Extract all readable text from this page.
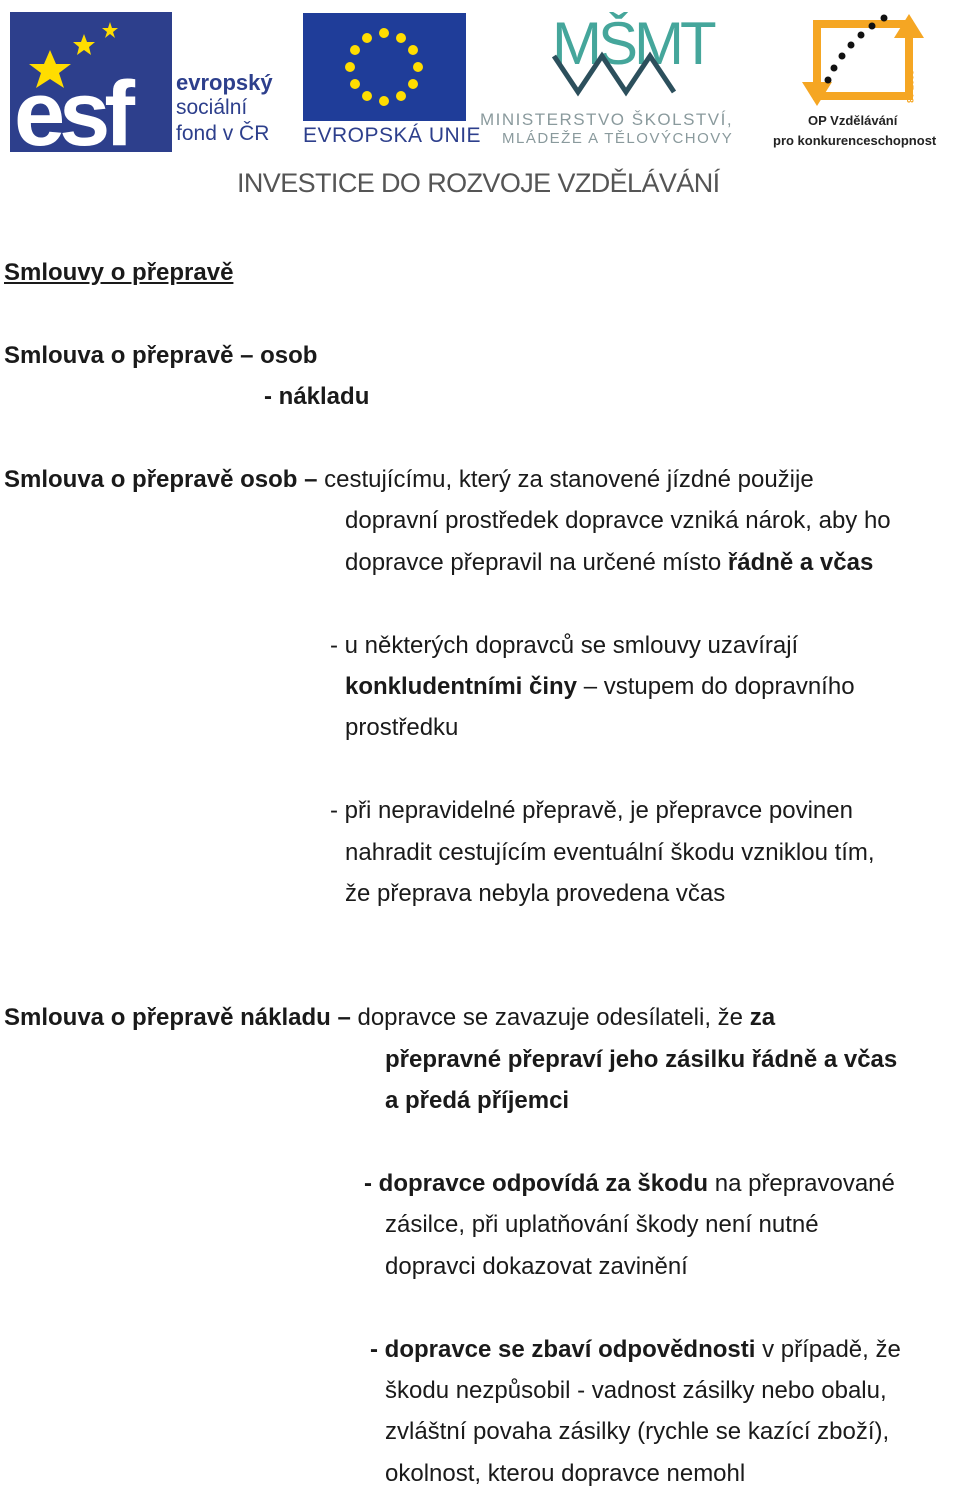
esf evropský
sociální
fond v ČR EVROPSKÁ UNIE
MŠMT
MINISTERSTVO ŠKOLSTVÍ,
MLÁDEŽE A TĚLOVÝCHOVY
2007-13
OP Vzdělávání
pro konkurenceschopnost
INVESTICE DO ROZVOJE VZDĚLÁVÁNÍ
Smlouvy o přepravě
Smlouva o přepravě – osob
- nákladu
Smlouva o přepravě osob – cestujícímu, který za stanovené jízdné použije
dopravní prostředek dopravce vzniká nárok, aby ho
dopravce přepravil na určené místo řádně a včas
- u některých dopravců se smlouvy uzavírají
konkludentními činy – vstupem do dopravního
prostředku
- při nepravidelné přepravě, je přepravce povinen
nahradit cestujícím eventuální škodu vzniklou tím,
že přeprava nebyla provedena včas
Smlouva o přepravě nákladu – dopravce se zavazuje odesílateli, že za
přepravné přepraví jeho zásilku řádně a včas
a předá příjemci
- dopravce odpovídá za škodu na přepravované
zásilce, při uplatňování škody není nutné
dopravci dokazovat zavinění
- dopravce se zbaví odpovědnosti v případě, že
škodu nezpůsobil - vadnost zásilky nebo obalu,
zvláštní povaha zásilky (rychle se kazící zboží),
okolnost, kterou dopravce nemohl
